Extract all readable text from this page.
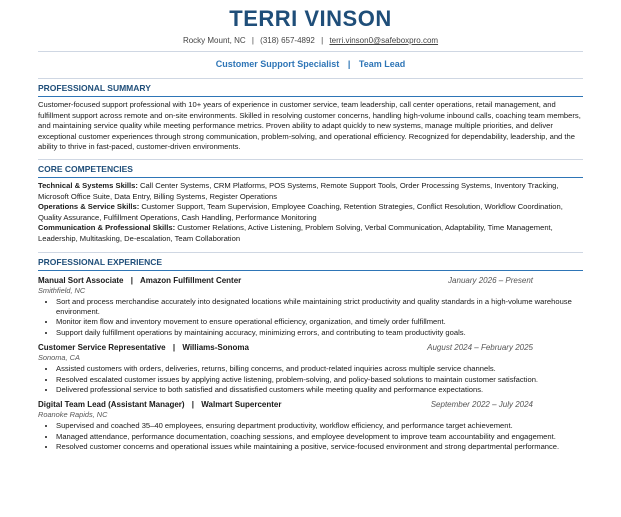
TERRI VINSON
Rocky Mount, NC | (318) 657-4892 | terri.vinson0@safeboxpro.com
Customer Support Specialist | Team Lead
PROFESSIONAL SUMMARY
Customer-focused support professional with 10+ years of experience in customer service, team leadership, call center operations, retail management, and fulfillment support across remote and on-site environments. Skilled in resolving customer concerns, handling high-volume inbound calls, coaching team members, and maintaining service quality while meeting performance metrics. Proven ability to adapt quickly to new systems, manage multiple priorities, and deliver exceptional customer experiences through strong communication, problem-solving, and operational efficiency. Recognized for dependability, leadership, and the ability to thrive in fast-paced, customer-driven environments.
CORE COMPETENCIES
Technical & Systems Skills: Call Center Systems, CRM Platforms, POS Systems, Remote Support Tools, Order Processing Systems, Inventory Tracking, Microsoft Office Suite, Data Entry, Billing Systems, Register Operations
Operations & Service Skills: Customer Support, Team Supervision, Employee Coaching, Retention Strategies, Conflict Resolution, Workflow Coordination, Quality Assurance, Fulfillment Operations, Cash Handling, Performance Monitoring
Communication & Professional Skills: Customer Relations, Active Listening, Problem Solving, Verbal Communication, Adaptability, Time Management, Leadership, Multitasking, De-escalation, Team Collaboration
PROFESSIONAL EXPERIENCE
Manual Sort Associate | Amazon Fulfillment Center	January 2026 – Present
Smithfield, NC
• Sort and process merchandise accurately into designated locations while maintaining strict productivity and quality standards in a high-volume warehouse environment.
• Monitor item flow and inventory movement to ensure operational efficiency, organization, and timely order fulfillment.
• Support daily fulfillment operations by maintaining accuracy, minimizing errors, and contributing to team productivity goals.
Customer Service Representative | Williams-Sonoma	August 2024 – February 2025
Sonoma, CA
• Assisted customers with orders, deliveries, returns, billing concerns, and product-related inquiries across multiple service channels.
• Resolved escalated customer issues by applying active listening, problem-solving, and policy-based solutions to maintain customer satisfaction.
• Delivered professional service to both satisfied and dissatisfied customers while meeting quality and performance expectations.
Digital Team Lead (Assistant Manager) | Walmart Supercenter	September 2022 – July 2024
Roanoke Rapids, NC
• Supervised and coached 35–40 employees, ensuring department productivity, workflow efficiency, and performance target achievement.
• Managed attendance, performance documentation, coaching sessions, and employee development to improve team accountability and engagement.
• Resolved customer concerns and operational issues while maintaining a positive, service-focused environment and strong departmental performance.
